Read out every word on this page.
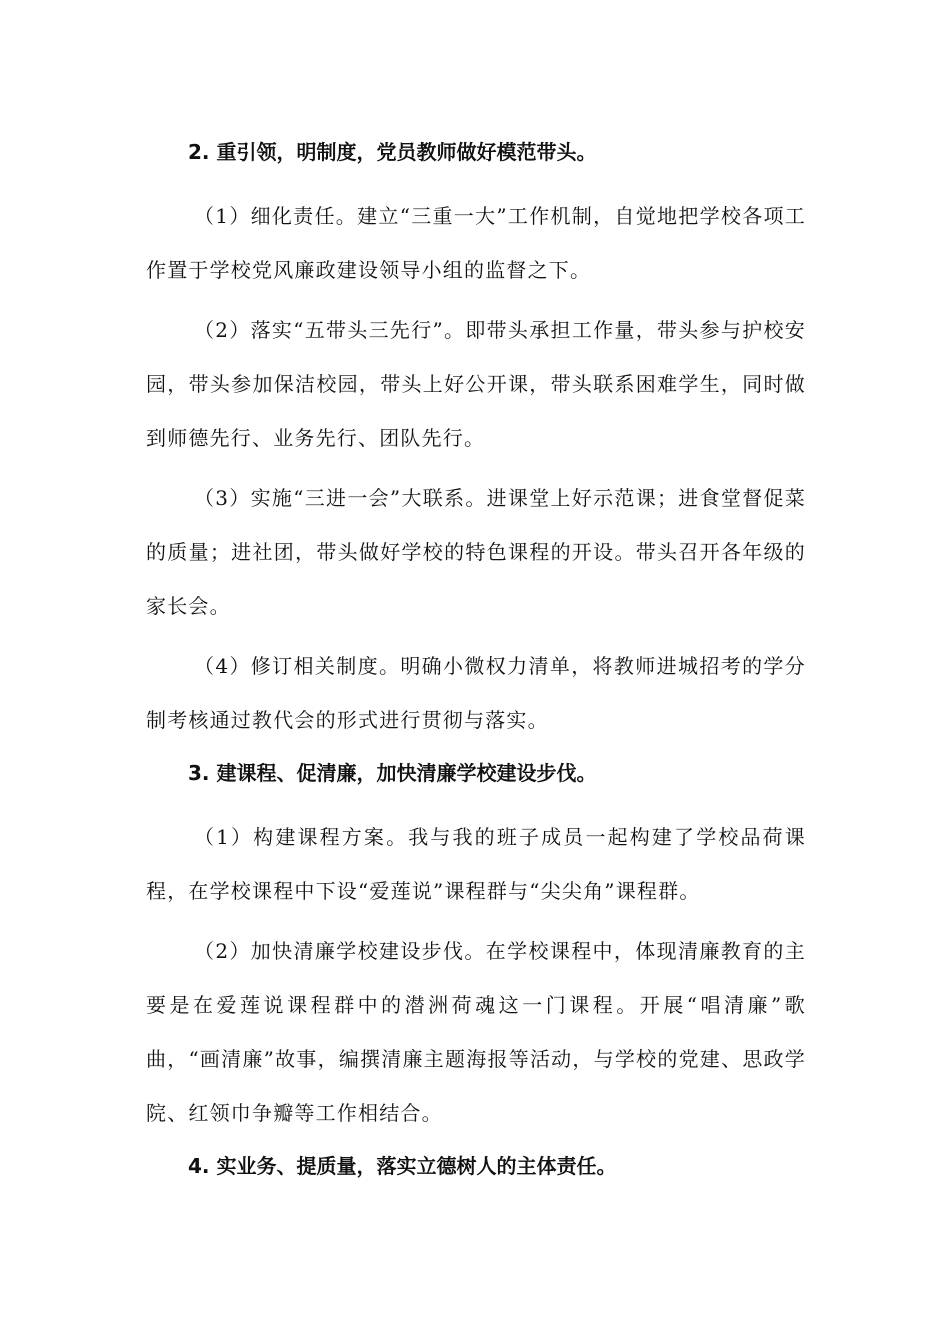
2. 重引领，明制度，党员教师做好模范带头。
（1）细化责任。建立“三重一大”工作机制，自觉地把学校各项工作置于学校党风廉政建设领导小组的监督之下。
（2）落实“五带头三先行”。即带头承担工作量，带头参与护校安园，带头参加保洁校园，带头上好公开课，带头联系困难学生，同时做到师德先行、业务先行、团队先行。
（3）实施“三进一会”大联系。进课堂上好示范课；进食堂督促菜的质量；进社团，带头做好学校的特色课程的开设。带头召开各年级的家长会。
（4）修订相关制度。明确小微权力清单，将教师进城招考的学分制考核通过教代会的形式进行贯彻与落实。
3. 建课程、促清廉，加快清廉学校建设步伐。
（1）构建课程方案。我与我的班子成员一起构建了学校品荷课程，在学校课程中下设“爱莲说”课程群与“尖尖角”课程群。
（2）加快清廉学校建设步伐。在学校课程中，体现清廉教育的主要是在爱莲说课程群中的潜洲荷魂这一门课程。开展“唱清廉”歌曲，“画清廉”故事，编撰清廉主题海报等活动，与学校的党建、思政学院、红领巾争瓣等工作相结合。
4. 实业务、提质量，落实立德树人的主体责任。
